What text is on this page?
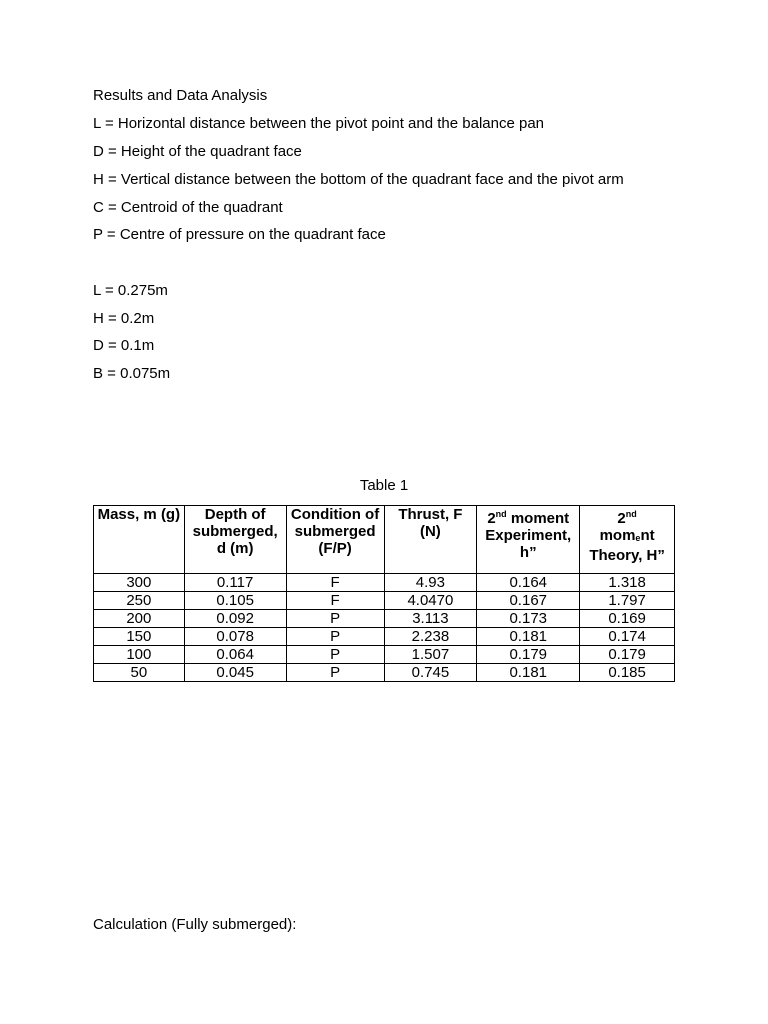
Results and Data Analysis
L = Horizontal distance between the pivot point and the balance pan
D = Height of the quadrant face
H = Vertical distance between the bottom of the quadrant face and the pivot arm
C = Centroid of the quadrant
P = Centre of pressure on the quadrant face
L = 0.275m
H = 0.2m
D = 0.1m
B = 0.075m
Table 1
Mass, m (g)	Depth of submerged, d (m)	Condition of submerged (F/P)	Thrust, F (N)	2nd moment Experiment, h”	2nd
mom$_e$nt Theory, H”
300	0.117	F	4.93	0.164	1.318
250	0.105	F	4.0470	0.167	1.797
200	0.092	P	3.113	0.173	0.169
150	0.078	P	2.238	0.181	0.174
100	0.064	P	1.507	0.179	0.179
50	0.045	P	0.745	0.181	0.185
Calculation (Fully submerged):
